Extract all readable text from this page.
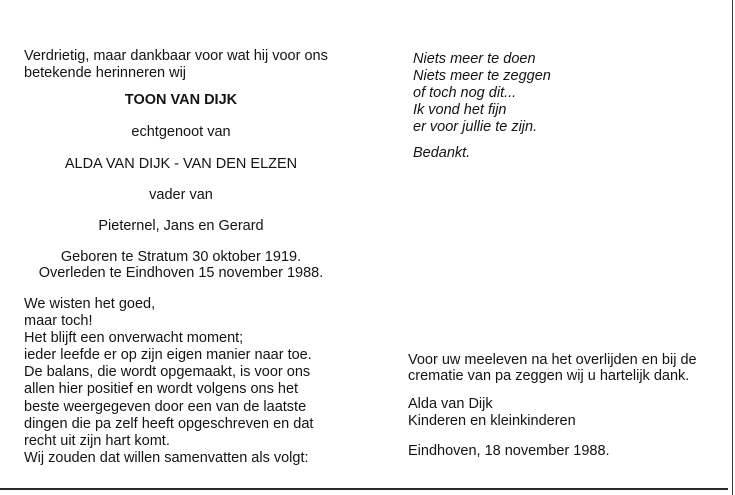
Verdrietig, maar dankbaar voor wat hij voor ons
betekende herinneren wij
TOON VAN DIJK
echtgenoot van
ALDA VAN DIJK - VAN DEN ELZEN
vader van
Pieternel, Jans en Gerard
Geboren te Stratum 30 oktober 1919.
Overleden te Eindhoven 15 november 1988.
We wisten het goed,
maar toch!
Het blijft een onverwacht moment;
ieder leefde er op zijn eigen manier naar toe.
De balans, die wordt opgemaakt, is voor ons
allen hier positief en wordt volgens ons het
beste weergegeven door een van de laatste
dingen die pa zelf heeft opgeschreven en dat
recht uit zijn hart komt.
Wij zouden dat willen samenvatten als volgt:
Niets meer te doen
Niets meer te zeggen
of toch nog dit...
Ik vond het fijn
er voor jullie te zijn.
Bedankt.
Voor uw meeleven na het overlijden en bij de
crematie van pa zeggen wij u hartelijk dank.
Alda van Dijk
Kinderen en kleinkinderen
Eindhoven, 18 november 1988.
